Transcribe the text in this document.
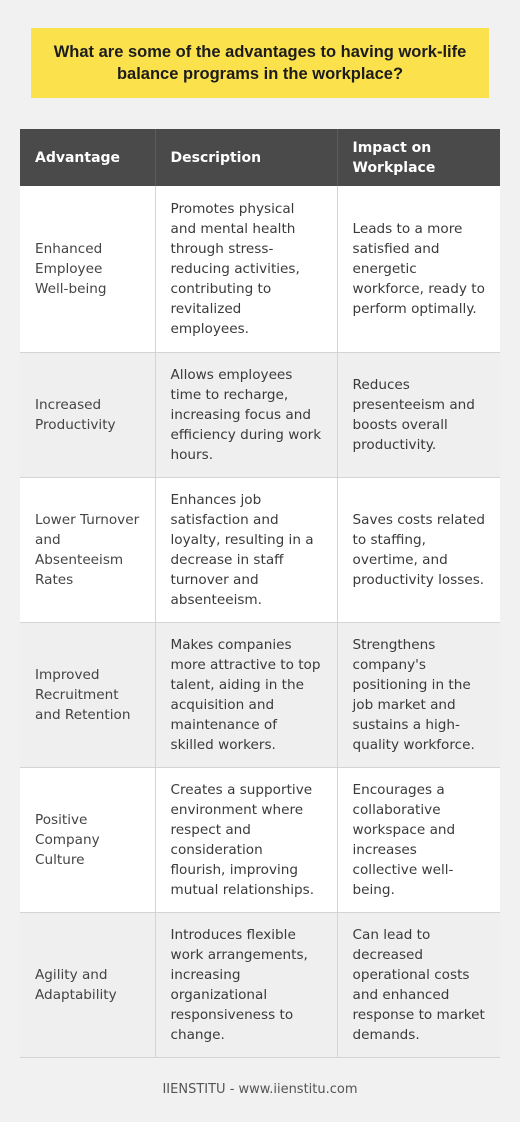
What are some of the advantages to having work-life balance programs in the workplace?
Advantage	Description	Impact on Workplace
Enhanced Employee Well-being	Promotes physical and mental health through stress-reducing activities, contributing to revitalized employees.	Leads to a more satisfied and energetic workforce, ready to perform optimally.
Increased Productivity	Allows employees time to recharge, increasing focus and efficiency during work hours.	Reduces presenteeism and boosts overall productivity.
Lower Turnover and Absenteeism Rates	Enhances job satisfaction and loyalty, resulting in a decrease in staff turnover and absenteeism.	Saves costs related to staffing, overtime, and productivity losses.
Improved Recruitment and Retention	Makes companies more attractive to top talent, aiding in the acquisition and maintenance of skilled workers.	Strengthens company's positioning in the job market and sustains a high-quality workforce.
Positive Company Culture	Creates a supportive environment where respect and consideration flourish, improving mutual relationships.	Encourages a collaborative workspace and increases collective well-being.
Agility and Adaptability	Introduces flexible work arrangements, increasing organizational responsiveness to change.	Can lead to decreased operational costs and enhanced response to market demands.
IIENSTITU - www.iienstitu.com
